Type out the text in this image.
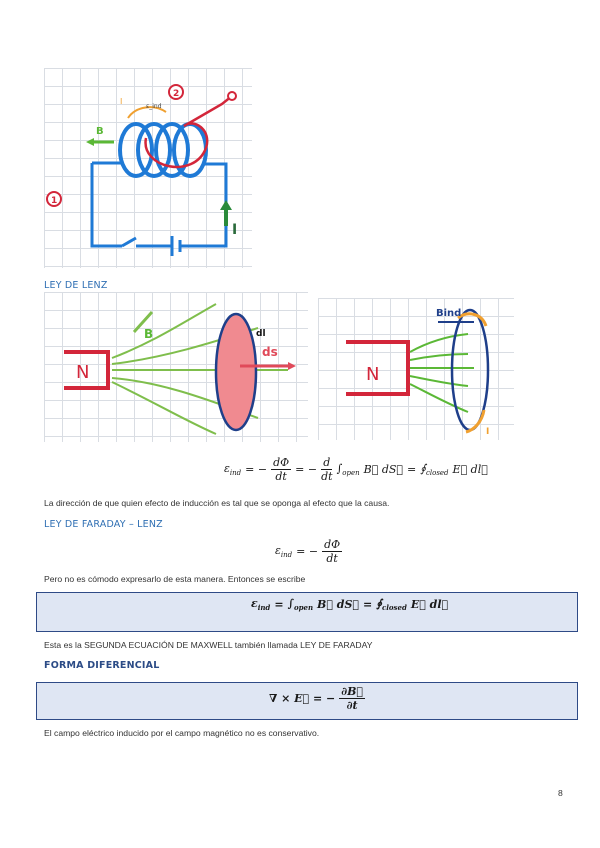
B
I
ε_ind
2
1
I
LEY DE LENZ
N
B	dl
ds
N
Bind
I
$\varepsilon_{ind}$ = − $\frac{d\Phi}{dt}$ = − $\frac{d}{dt} \int_{open}$ B⃗ dS⃗ = $∮_{closed}$ E⃗ dl⃗
La dirección de que quien efecto de inducción es tal que se oponga al efecto que la causa.
LEY DE FARADAY – LENZ
$\varepsilon_{ind}$ = − $\frac{d\Phi}{dt}$
Pero no es cómodo expresarlo de esta manera. Entonces se escribe
$\varepsilon_{ind} = \int_{open}$ B⃗ dS⃗ = $∮_{closed}$ E⃗ dl⃗
Esta es la SEGUNDA ECUACIÓN DE MAXWELL también llamada LEY DE FARADAY
FORMA DIFERENCIAL
∇ × E⃗ = − $\frac{\partial B⃗}{\partial t}$
El campo eléctrico inducido por el campo magnético no es conservativo.
8
